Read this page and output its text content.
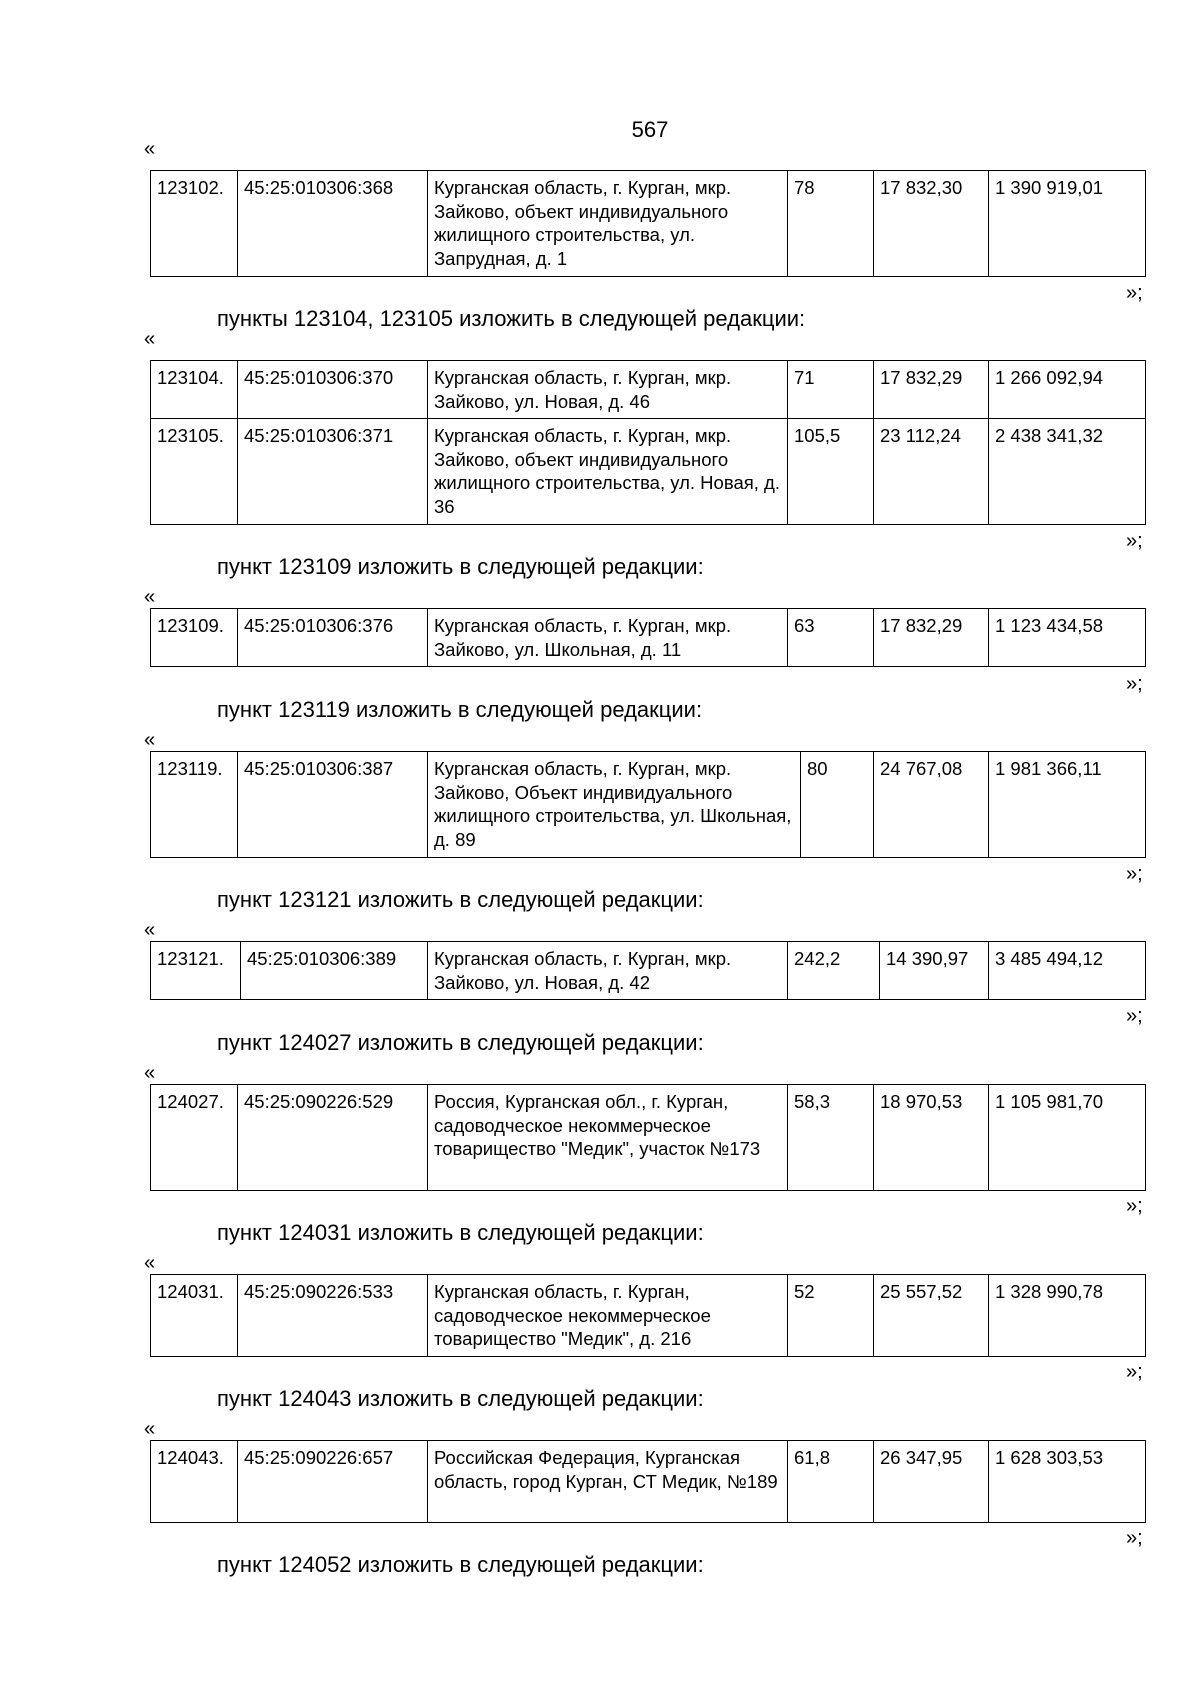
567
«
123102.	45:25:010306:368	Курганская область, г. Курган, мкр. Зайково, объект индивидуального жилищного строительства, ул. Запрудная, д. 1	78	17 832,30	1 390 919,01
»;
пункты 123104, 123105 изложить в следующей редакции:
«
123104.	45:25:010306:370	Курганская область, г. Курган, мкр. Зайково, ул. Новая, д. 46	71	17 832,29	1 266 092,94
123105.	45:25:010306:371	Курганская область, г. Курган, мкр. Зайково, объект индивидуального жилищного строительства, ул. Новая, д. 36	105,5	23 112,24	2 438 341,32
»;
пункт 123109 изложить в следующей редакции:
«
123109.	45:25:010306:376	Курганская область, г. Курган, мкр. Зайково, ул. Школьная, д. 11	63	17 832,29	1 123 434,58
»;
пункт 123119 изложить в следующей редакции:
«
123119.	45:25:010306:387	Курганская область, г. Курган, мкр. Зайково, Объект индивидуального жилищного строительства, ул. Школьная, д. 89	80	24 767,08	1 981 366,11
»;
пункт 123121 изложить в следующей редакции:
«
123121.	45:25:010306:389	Курганская область, г. Курган, мкр. Зайково, ул. Новая, д. 42	242,2	14 390,97	3 485 494,12
»;
пункт 124027 изложить в следующей редакции:
«
124027.	45:25:090226:529	Россия, Курганская обл., г. Курган, садоводческое некоммерческое товарищество "Медик", участок №173	58,3	18 970,53	1 105 981,70
»;
пункт 124031 изложить в следующей редакции:
«
124031.	45:25:090226:533	Курганская область, г. Курган, садоводческое некоммерческое товарищество "Медик", д. 216	52	25 557,52	1 328 990,78
»;
пункт 124043 изложить в следующей редакции:
«
124043.	45:25:090226:657	Российская Федерация, Курганская область, город Курган, СТ Медик, №189	61,8	26 347,95	1 628 303,53
»;
пункт 124052 изложить в следующей редакции:
